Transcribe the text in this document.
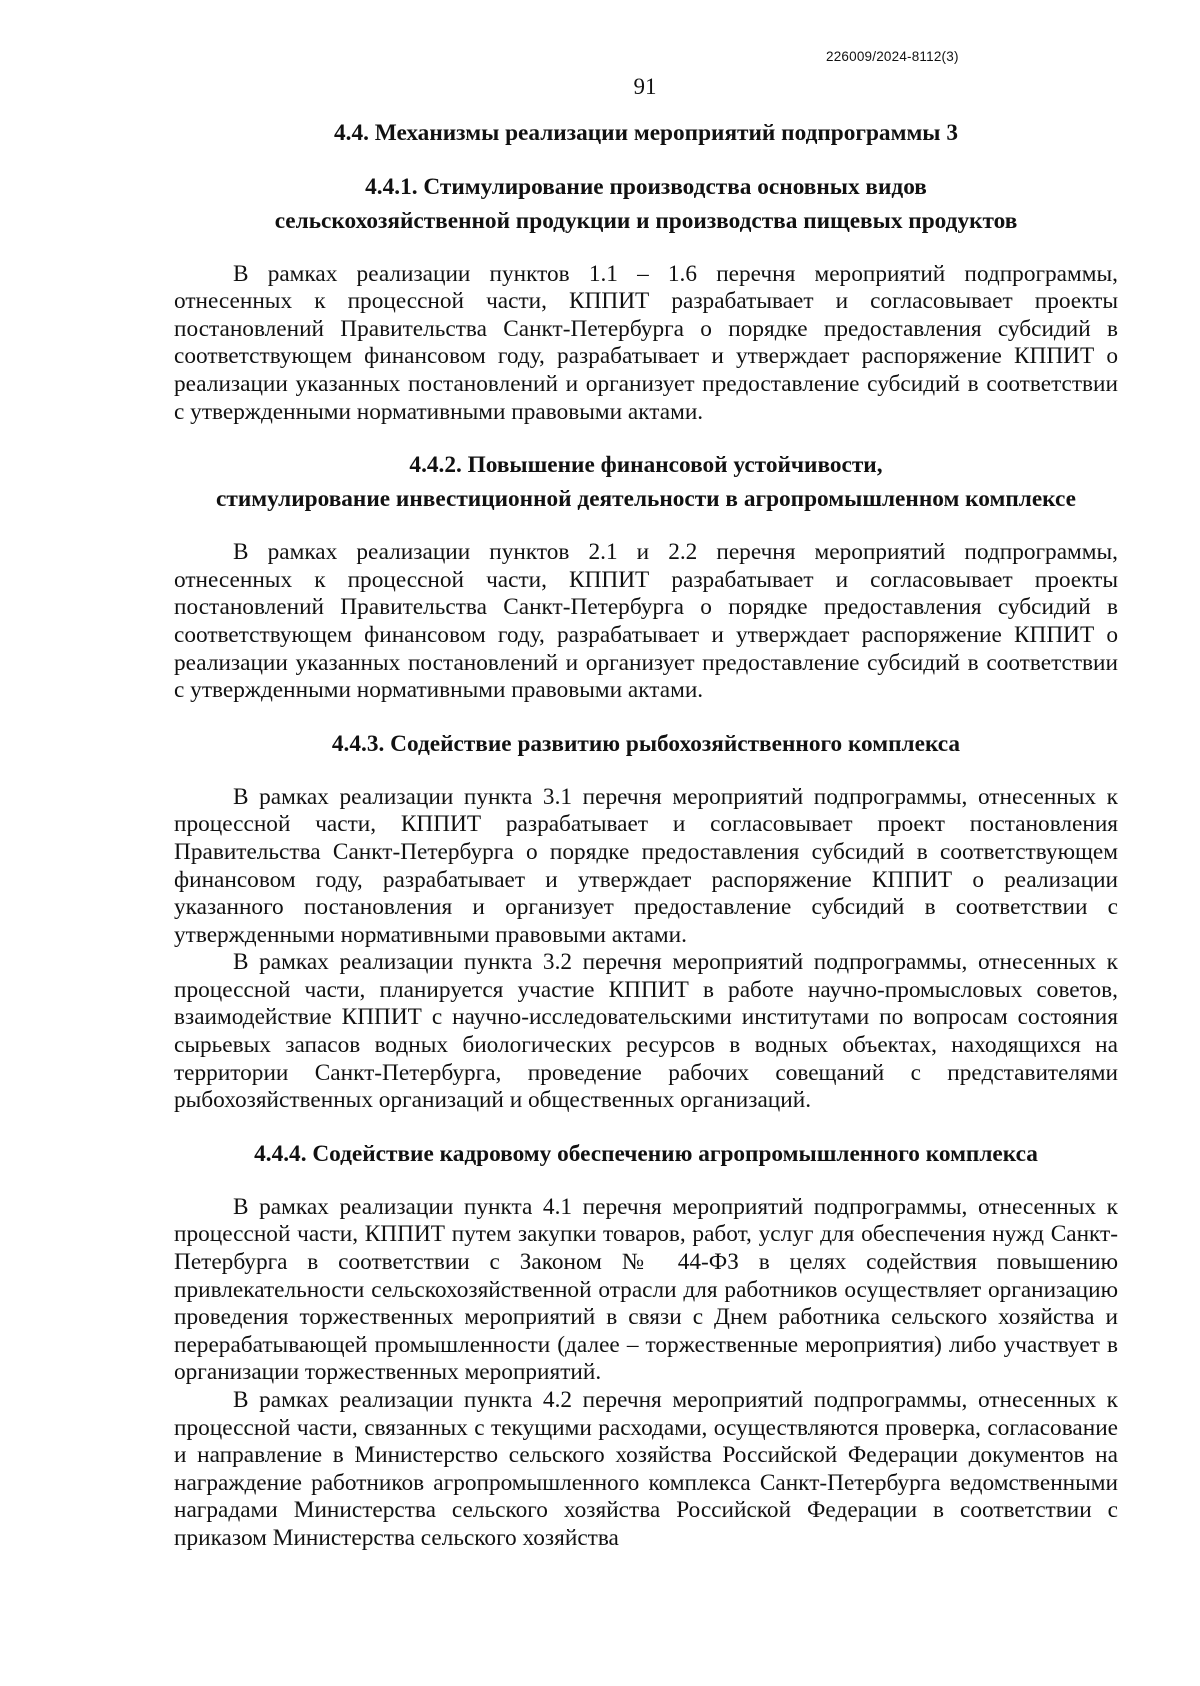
226009/2024-8112(3)
91
4.4. Механизмы реализации мероприятий подпрограммы 3
4.4.1. Стимулирование производства основных видов
сельскохозяйственной продукции и производства пищевых продуктов

В рамках реализации пунктов 1.1 – 1.6 перечня мероприятий подпрограммы, отнесенных к процессной части, КППИТ разрабатывает и согласовывает проекты постановлений Правительства Санкт-Петербурга о порядке предоставления субсидий в соответствующем финансовом году, разрабатывает и утверждает распоряжение КППИТ о реализации указанных постановлений и организует предоставление субсидий в соответствии с утвержденными нормативными правовыми актами.

4.4.2. Повышение финансовой устойчивости,
стимулирование инвестиционной деятельности в агропромышленном комплексе

В рамках реализации пунктов 2.1 и 2.2 перечня мероприятий подпрограммы, отнесенных к процессной части, КППИТ разрабатывает и согласовывает проекты постановлений Правительства Санкт-Петербурга о порядке предоставления субсидий в соответствующем финансовом году, разрабатывает и утверждает распоряжение КППИТ о реализации указанных постановлений и организует предоставление субсидий в соответствии с утвержденными нормативными правовыми актами.

4.4.3. Содействие развитию рыбохозяйственного комплекса

В рамках реализации пункта 3.1 перечня мероприятий подпрограммы, отнесенных к процессной части, КППИТ разрабатывает и согласовывает проект постановления Правительства Санкт-Петербурга о порядке предоставления субсидий в соответствующем финансовом году, разрабатывает и утверждает распоряжение КППИТ о реализации указанного постановления и организует предоставление субсидий в соответствии с утвержденными нормативными правовыми актами.

В рамках реализации пункта 3.2 перечня мероприятий подпрограммы, отнесенных к процессной части, планируется участие КППИТ в работе научно-промысловых советов, взаимодействие КППИТ с научно-исследовательскими институтами по вопросам состояния сырьевых запасов водных биологических ресурсов в водных объектах, находящихся на территории Санкт-Петербурга, проведение рабочих совещаний с представителями рыбохозяйственных организаций и общественных организаций.

4.4.4. Содействие кадровому обеспечению агропромышленного комплекса

В рамках реализации пункта 4.1 перечня мероприятий подпрограммы, отнесенных к процессной части, КППИТ путем закупки товаров, работ, услуг для обеспечения нужд Санкт-Петербурга в соответствии с Законом № 44-ФЗ в целях содействия повышению привлекательности сельскохозяйственной отрасли для работников осуществляет организацию проведения торжественных мероприятий в связи с Днем работника сельского хозяйства и перерабатывающей промышленности (далее – торжественные мероприятия) либо участвует в организации торжественных мероприятий.

В рамках реализации пункта 4.2 перечня мероприятий подпрограммы, отнесенных к процессной части, связанных с текущими расходами, осуществляются проверка, согласование и направление в Министерство сельского хозяйства Российской Федерации документов на награждение работников агропромышленного комплекса Санкт-Петербурга ведомственными наградами Министерства сельского хозяйства Российской Федерации в соответствии с приказом Министерства сельского хозяйства
